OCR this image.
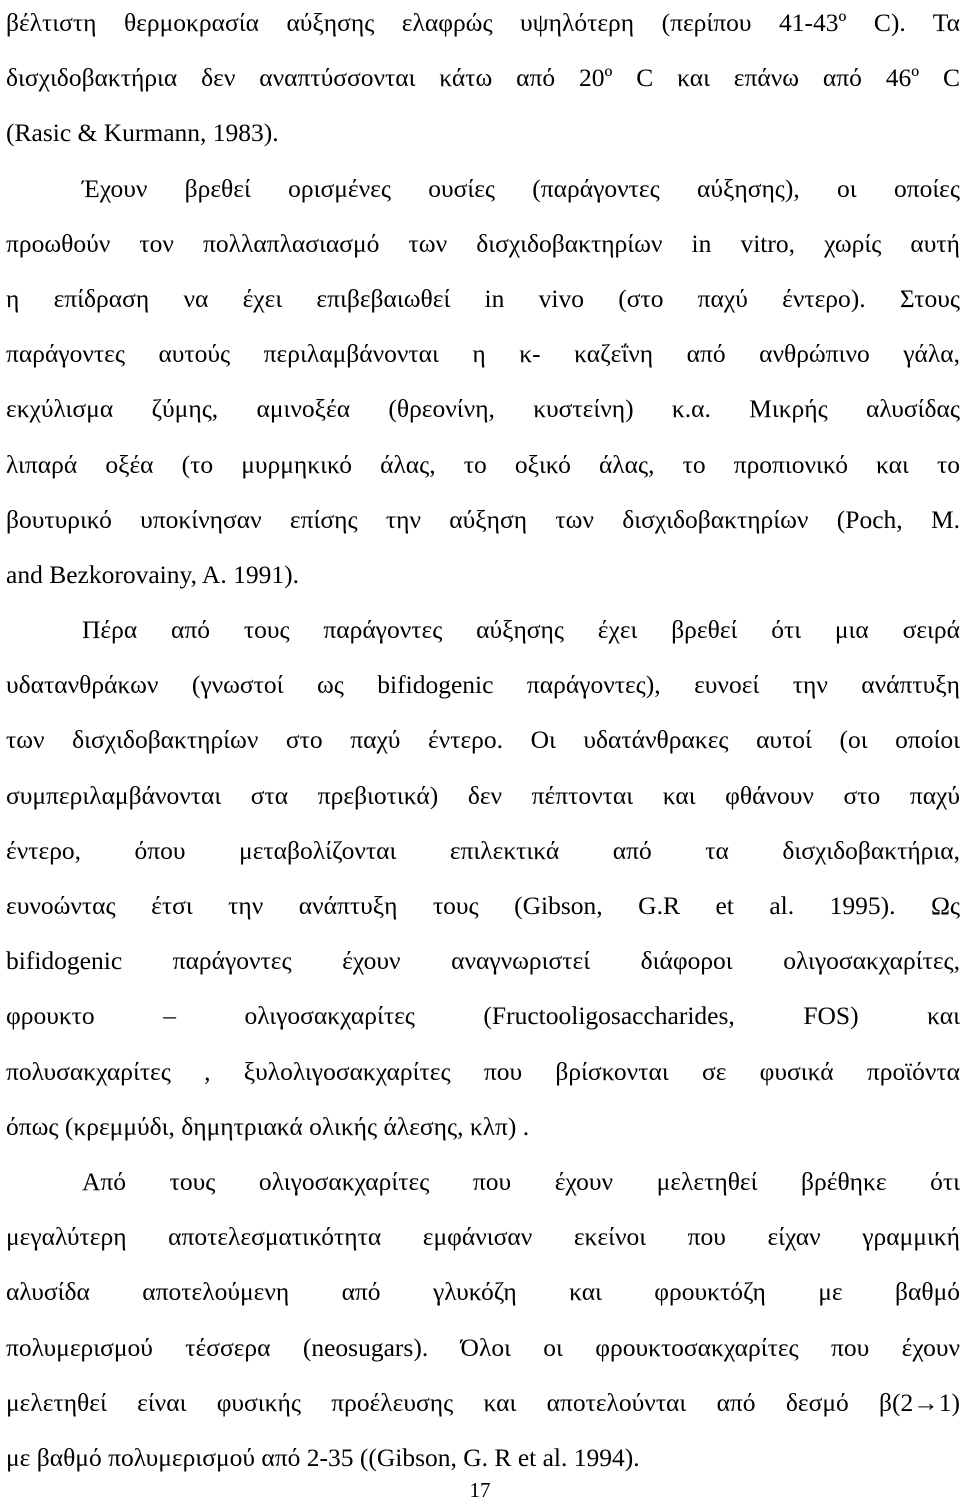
βέλτιστη θερμοκρασία αύξησης ελαφρώς υψηλότερη (περίπου 41-43º C). Τα
δισχιδοβακτήρια δεν αναπτύσσονται κάτω από 20º C και επάνω από 46º C
(Rasic & Kurmann, 1983).
Έχουν βρεθεί ορισμένες ουσίες (παράγοντες αύξησης), οι οποίες
προωθούν τον πολλαπλασιασμό των δισχιδοβακτηρίων in vitro, χωρίς αυτή
η επίδραση να έχει επιβεβαιωθεί in vivo (στο παχύ έντερο). Στους
παράγοντες αυτούς περιλαμβάνονται η κ- καζεΐνη από ανθρώπινο γάλα,
εκχύλισμα ζύμης, αμινοξέα (θρεονίνη, κυστείνη) κ.α. Μικρής αλυσίδας
λιπαρά οξέα (το μυρμηκικό άλας, το οξικό άλας, το προπιονικό και το
βουτυρικό υποκίνησαν επίσης την αύξηση των δισχιδοβακτηρίων (Poch, M.
and Bezkorovainy, A. 1991).
Πέρα από τους παράγοντες αύξησης έχει βρεθεί ότι μια σειρά
υδατανθράκων (γνωστοί ως bifidogenic παράγοντες), ευνοεί την ανάπτυξη
των δισχιδοβακτηρίων στο παχύ έντερο. Οι υδατάνθρακες αυτοί (οι οποίοι
συμπεριλαμβάνονται στα πρεβιοτικά) δεν πέπτονται και φθάνουν στο παχύ
έντερο, όπου μεταβολίζονται επιλεκτικά από τα δισχιδοβακτήρια,
ευνοώντας έτσι την ανάπτυξη τους (Gibson, G.R et al. 1995). Ως
bifidogenic παράγοντες έχουν αναγνωριστεί διάφοροι ολιγοσακχαρίτες,
φρουκτο – ολιγοσακχαρίτες (Fructooligosaccharides, FOS) και
πολυσακχαρίτες , ξυλολιγοσακχαρίτες που βρίσκονται σε φυσικά προϊόντα
όπως (κρεμμύδι, δημητριακά ολικής άλεσης, κλπ) .
Από τους ολιγοσακχαρίτες που έχουν μελετηθεί βρέθηκε ότι
μεγαλύτερη αποτελεσματικότητα εμφάνισαν εκείνοι που είχαν γραμμική
αλυσίδα αποτελούμενη από γλυκόζη και φρουκτόζη με βαθμό
πολυμερισμού τέσσερα (neosugars). Όλοι οι φρουκτοσακχαρίτες που έχουν
μελετηθεί είναι φυσικής προέλευσης και αποτελούνται από δεσμό β(2→1)
με βαθμό πολυμερισμού από 2-35 ((Gibson, G. R et al. 1994).
17
